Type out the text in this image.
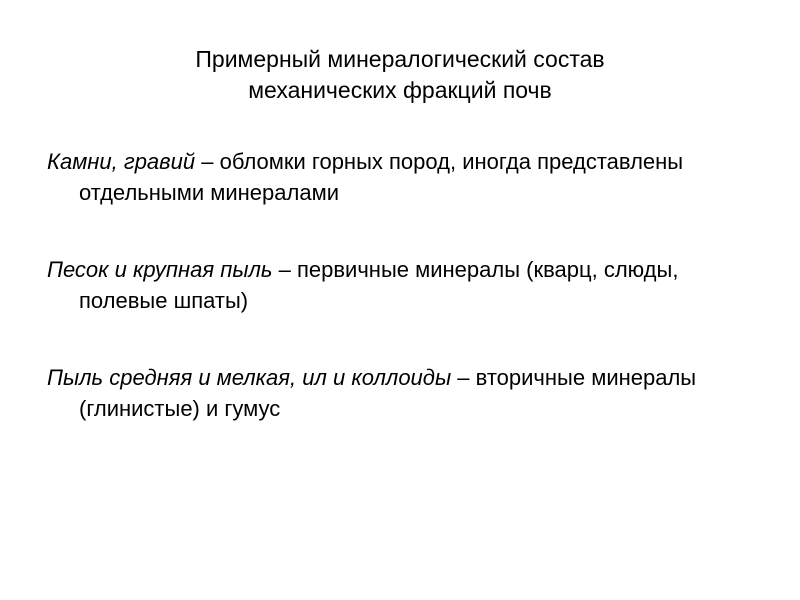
Примерный минералогический состав
механических фракций почв
Камни, гравий – обломки горных пород, иногда представлены отдельными минералами
Песок и крупная пыль – первичные минералы (кварц, слюды, полевые шпаты)
Пыль средняя и мелкая, ил и коллоиды – вторичные минералы (глинистые) и гумус
